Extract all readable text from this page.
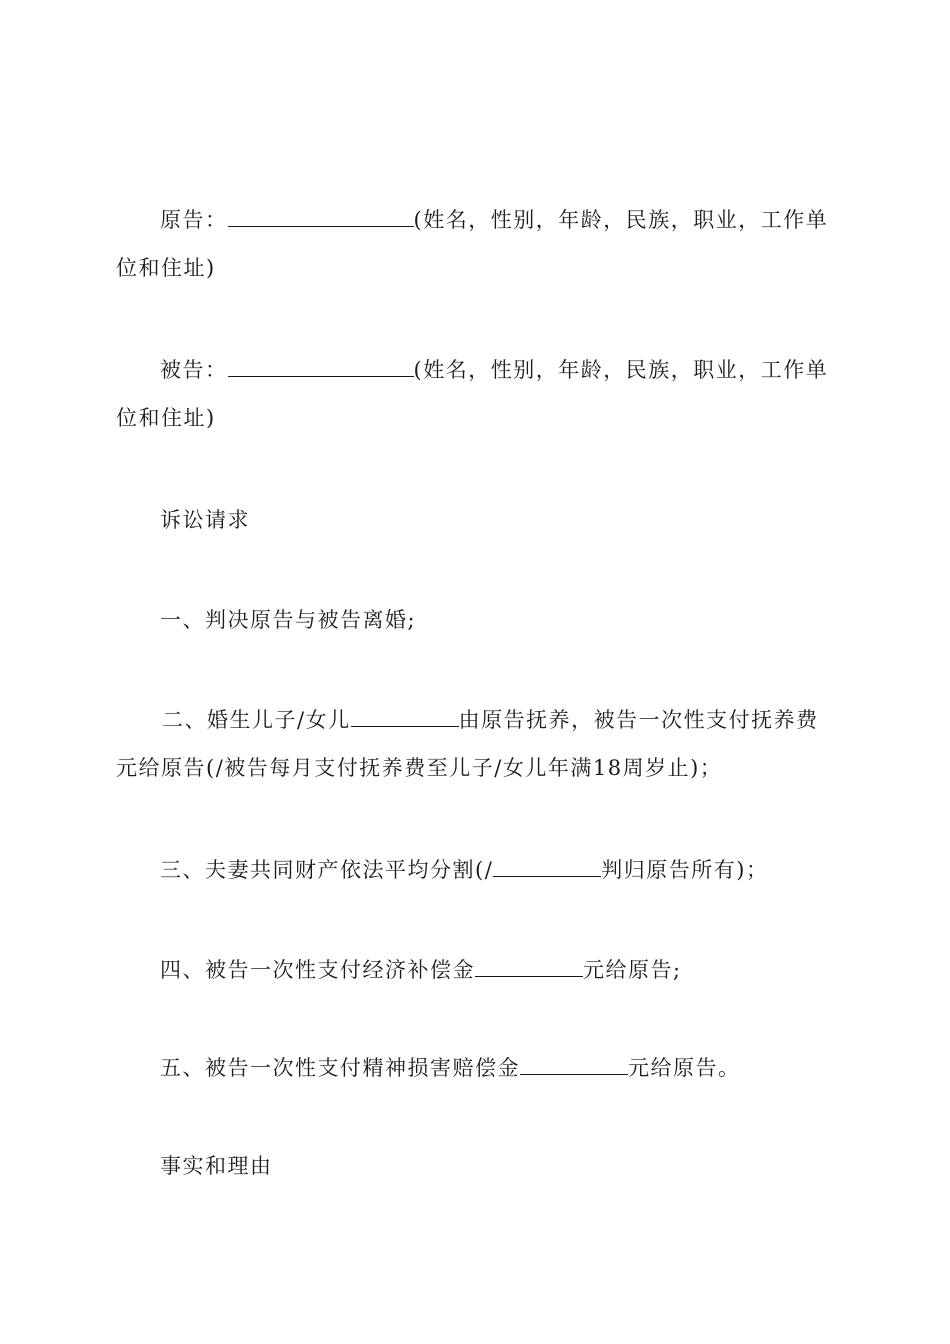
原告：	(姓名，性别，年龄，民族，职业，工作单
位和住址)
被告：	(姓名，性别，年龄，民族，职业，工作单
位和住址)
诉讼请求
一、判决原告与被告离婚;
二、婚生儿子/女儿	由原告抚养，被告一次性支付抚养费
元给原告(/被告每月支付抚养费至儿子/女儿年满18周岁止)；
三、夫妻共同财产依法平均分割(/	判归原告所有)；
四、被告一次性支付经济补偿金	元给原告;
五、被告一次性支付精神损害赔偿金	元给原告。
事实和理由
